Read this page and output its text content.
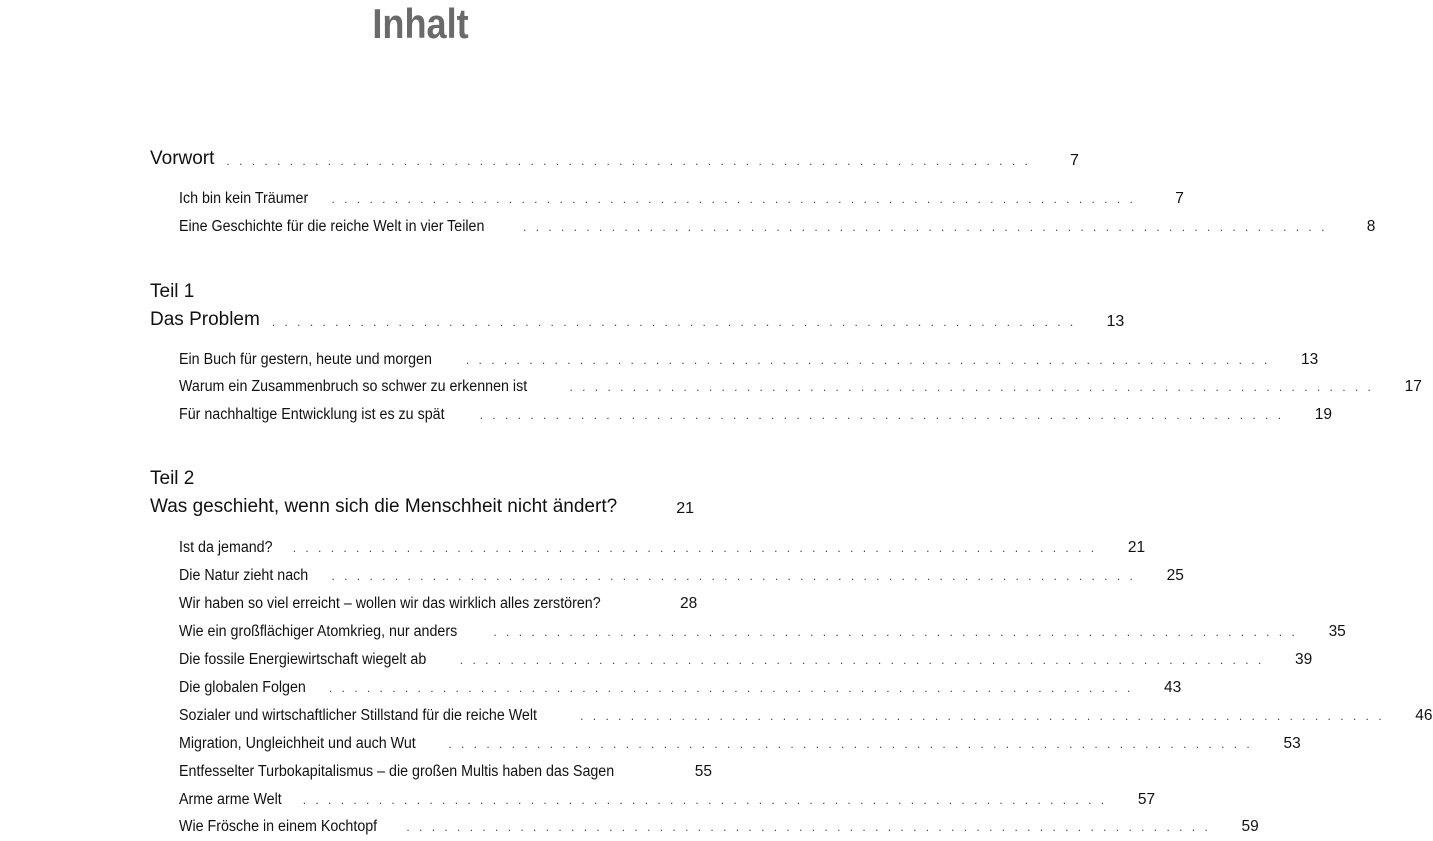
Inhalt
Vorwort . . . . . . . . . . . . . . . . . . . . . . . . . . . . . . . . . . . . . . . . . . . . . . . . . . . . . . . . . . . . . . . .	7
Ich bin kein Träumer . . . . . . . . . . . . . . . . . . . . . . . . . . . . . . . . . . . . . . . . . . . . . . . . . . . . . . . . . . . . . . . .	7
Eine Geschichte für die reiche Welt in vier Teilen	. . . . . . . . . . . . . . . . . . . . . . . . . . . . . . . . . . . . . . . . . . . . . . . . . . . . . . . . . . . . . . . .	8
Teil 1
Das Problem . . . . . . . . . . . . . . . . . . . . . . . . . . . . . . . . . . . . . . . . . . . . . . . . . . . . . . . . . . . . . . . .	13
Ein Buch für gestern, heute und morgen	. . . . . . . . . . . . . . . . . . . . . . . . . . . . . . . . . . . . . . . . . . . . . . . . . . . . . . . . . . . . . . . .	13
Warum ein Zusammenbruch so schwer zu erkennen ist	. . . . . . . . . . . . . . . . . . . . . . . . . . . . . . . . . . . . . . . . . . . . . . . . . . . . . . . . . . . . . . . .	17
Für nachhaltige Entwicklung ist es zu spät	. . . . . . . . . . . . . . . . . . . . . . . . . . . . . . . . . . . . . . . . . . . . . . . . . . . . . . . . . . . . . . . .	19
Teil 2
Was geschieht, wenn sich die Menschheit nicht ändert?	21
Ist da jemand? . . . . . . . . . . . . . . . . . . . . . . . . . . . . . . . . . . . . . . . . . . . . . . . . . . . . . . . . . . . . . . . .	21
Die Natur zieht nach . . . . . . . . . . . . . . . . . . . . . . . . . . . . . . . . . . . . . . . . . . . . . . . . . . . . . . . . . . . . . . . .	25
Wir haben so viel erreicht – wollen wir das wirklich alles zerstören?	28
Wie ein großflächiger Atomkrieg, nur anders	. . . . . . . . . . . . . . . . . . . . . . . . . . . . . . . . . . . . . . . . . . . . . . . . . . . . . . . . . . . . . . . .	35
Die fossile Energiewirtschaft wiegelt ab	. . . . . . . . . . . . . . . . . . . . . . . . . . . . . . . . . . . . . . . . . . . . . . . . . . . . . . . . . . . . . . . .	39
Die globalen Folgen . . . . . . . . . . . . . . . . . . . . . . . . . . . . . . . . . . . . . . . . . . . . . . . . . . . . . . . . . . . . . . . .	43
Sozialer und wirtschaftlicher Stillstand für die reiche Welt	. . . . . . . . . . . . . . . . . . . . . . . . . . . . . . . . . . . . . . . . . . . . . . . . . . . . . . . . . . . . . . . .	46
Migration, Ungleichheit und auch Wut	. . . . . . . . . . . . . . . . . . . . . . . . . . . . . . . . . . . . . . . . . . . . . . . . . . . . . . . . . . . . . . . .	53
Entfesselter Turbokapitalismus – die großen Multis haben das Sagen	55
Arme arme Welt . . . . . . . . . . . . . . . . . . . . . . . . . . . . . . . . . . . . . . . . . . . . . . . . . . . . . . . . . . . . . . . .	57
Wie Frösche in einem Kochtopf . . . . . . . . . . . . . . . . . . . . . . . . . . . . . . . . . . . . . . . . . . . . . . . . . . . . . . . . . . . . . . . .	59
